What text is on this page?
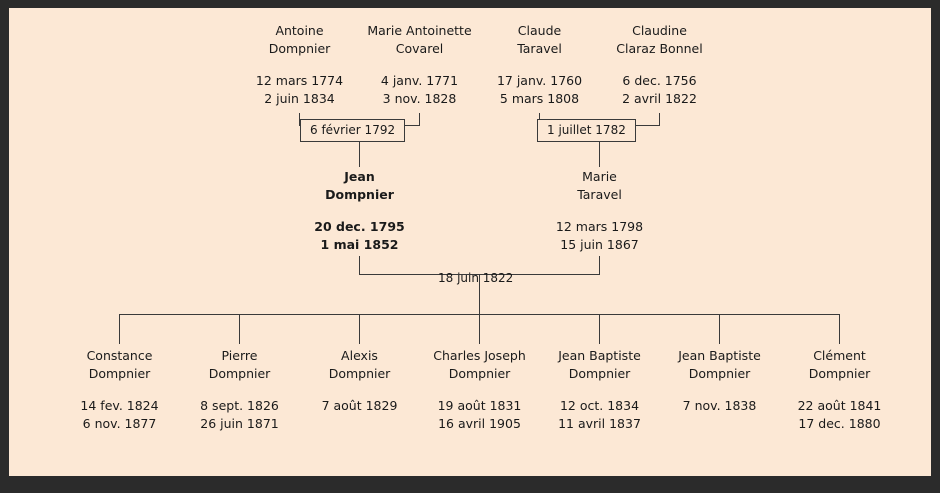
Antoine
Dompnier
12 mars 1774
2 juin 1834
Marie Antoinette
Covarel
4 janv. 1771
3 nov. 1828
Claude
Taravel
17 janv. 1760
5 mars 1808
Claudine
Claraz Bonnel
6 dec. 1756
2 avril 1822
6 février 1792	1 juillet 1782
Jean
Dompnier
20 dec. 1795
1 mai 1852
Marie
Taravel
12 mars 1798
15 juin 1867
18 juin 1822
Constance
Dompnier
14 fev. 1824
6 nov. 1877
Pierre
Dompnier
8 sept. 1826
26 juin 1871
Alexis
Dompnier
7 août 1829
Charles Joseph
Dompnier
19 août 1831
16 avril 1905
Jean Baptiste
Dompnier
12 oct. 1834
11 avril 1837
Jean Baptiste
Dompnier
7 nov. 1838
Clément
Dompnier
22 août 1841
17 dec. 1880
